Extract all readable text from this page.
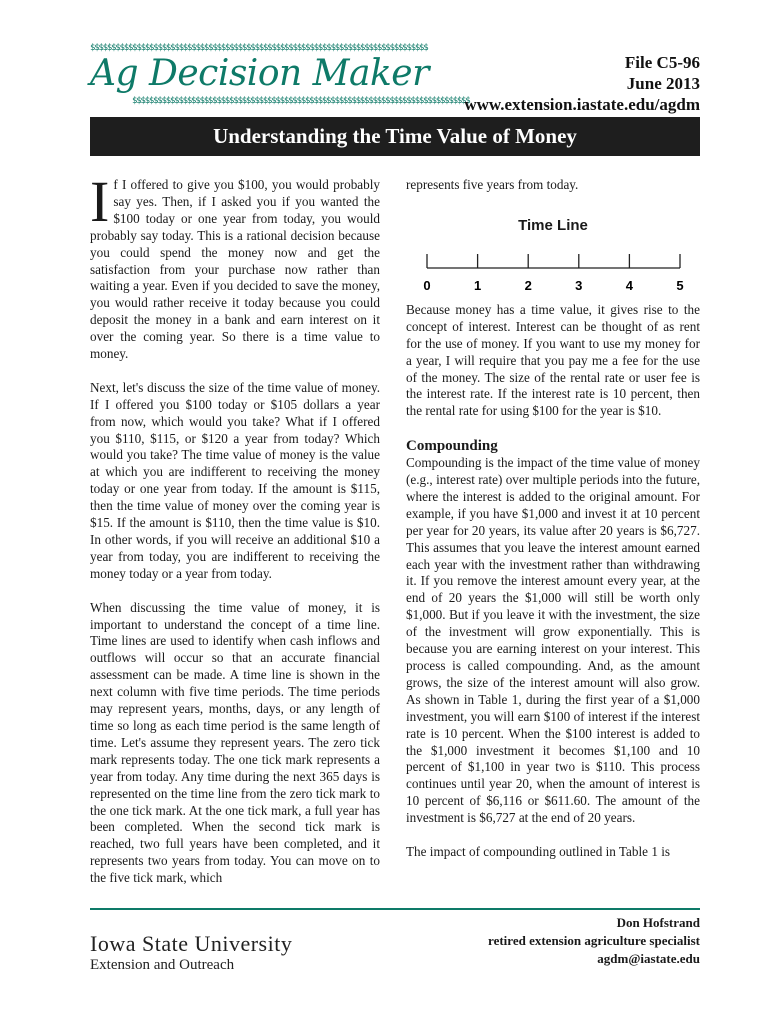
$$$$$$$$$$$$$$$$$$$$$$$$$$$$$$$$$$$$$$$$$$$$$$$$$$$$$$$$$$$$$$$$$$$$$$$$$$$$$$$$
Ag Decision Maker
$$$$$$$$$$$$$$$$$$$$$$$$$$$$$$$$$$$$$$$$$$$$$$$$$$$$$$$$$$$$$$$$$$$$$$$$$$$$$$$$
File C5-96
June 2013
www.extension.iastate.edu/agdm
Understanding the Time Value of Money

If I offered to give you $100, you would probably say yes. Then, if I asked you if you wanted the $100 today or one year from today, you would probably say today. This is a rational decision because you could spend the money now and get the satisfaction from your purchase now rather than waiting a year. Even if you decided to save the money, you would rather receive it today because you could deposit the money in a bank and earn interest on it over the coming year. So there is a time value to money.

Next, let's discuss the size of the time value of money. If I offered you $100 today or $105 dollars a year from now, which would you take? What if I offered you $110, $115, or $120 a year from today? Which would you take? The time value of money is the value at which you are indifferent to receiving the money today or one year from today. If the amount is $115, then the time value of money over the coming year is $15. If the amount is $110, then the time value is $10. In other words, if you will receive an additional $10 a year from today, you are indifferent to receiving the money today or a year from today.

When discussing the time value of money, it is important to understand the concept of a time line. Time lines are used to identify when cash inflows and outflows will occur so that an accurate financial assessment can be made. A time line is shown in the next column with five time periods. The time periods may represent years, months, days, or any length of time so long as each time period is the same length of time. Let's assume they represent years. The zero tick mark represents today. The one tick mark represents a year from today. Any time during the next 365 days is represented on the time line from the zero tick mark to the one tick mark. At the one tick mark, a full year has been completed. When the second tick mark is reached, two full years have been completed, and it represents two years from today. You can move on to the five tick mark, which

represents five years from today.

Time Line
0	1	2	3	4	5

Because money has a time value, it gives rise to the concept of interest. Interest can be thought of as rent for the use of money. If you want to use my money for a year, I will require that you pay me a fee for the use of the money. The size of the rental rate or user fee is the interest rate. If the interest rate is 10 percent, then the rental rate for using $100 for the year is $10.

Compounding

Compounding is the impact of the time value of money (e.g., interest rate) over multiple periods into the future, where the interest is added to the original amount. For example, if you have $1,000 and invest it at 10 percent per year for 20 years, its value after 20 years is $6,727. This assumes that you leave the interest amount earned each year with the investment rather than withdrawing it. If you remove the interest amount every year, at the end of 20 years the $1,000 will still be worth only $1,000. But if you leave it with the investment, the size of the investment will grow exponentially. This is because you are earning interest on your interest. This process is called compounding. And, as the amount grows, the size of the interest amount will also grow. As shown in Table 1, during the first year of a $1,000 investment, you will earn $100 of interest if the interest rate is 10 percent. When the $100 interest is added to the $1,000 investment it becomes $1,100 and 10 percent of $1,100 in year two is $110. This process continues until year 20, when the amount of interest is 10 percent of $6,116 or $611.60. The amount of the investment is $6,727 at the end of 20 years.

The impact of compounding outlined in Table 1 is

Iowa State University
Extension and Outreach
Don Hofstrand
retired extension agriculture specialist
agdm@iastate.edu
